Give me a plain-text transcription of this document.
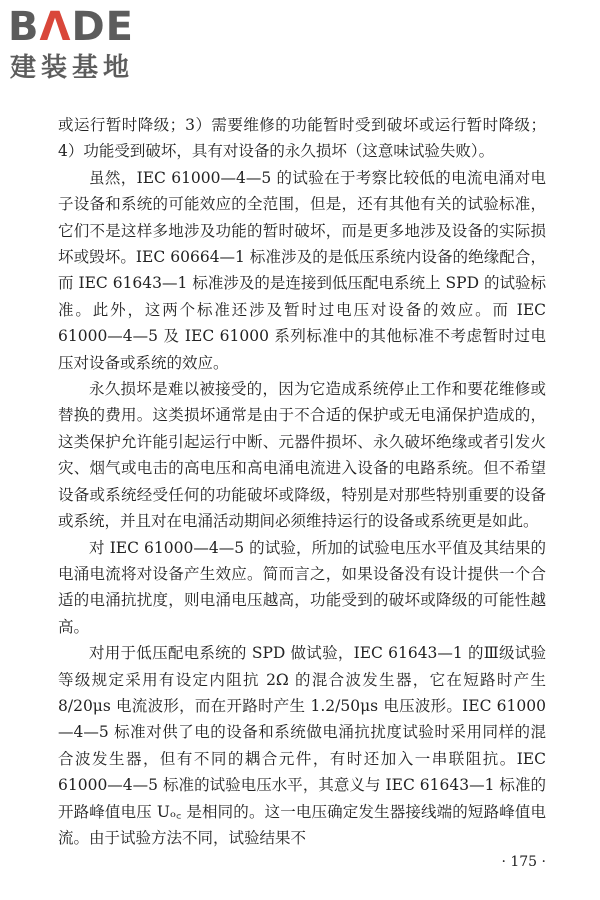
BΛDE
建装基地

或运行暂时降级；3）需要维修的功能暂时受到破坏或运行暂时降级；4）功能受到破坏，具有对设备的永久损坏（这意味试验失败）。

虽然，IEC 61000—4—5 的试验在于考察比较低的电流电涌对电子设备和系统的可能效应的全范围，但是，还有其他有关的试验标准，它们不是这样多地涉及功能的暂时破坏，而是更多地涉及设备的实际损坏或毁坏。IEC 60664—1 标准涉及的是低压系统内设备的绝缘配合，而 IEC 61643—1 标准涉及的是连接到低压配电系统上 SPD 的试验标准。此外，这两个标准还涉及暂时过电压对设备的效应。而 IEC 61000—4—5 及 IEC 61000 系列标准中的其他标准不考虑暂时过电压对设备或系统的效应。

永久损坏是难以被接受的，因为它造成系统停止工作和要花维修或替换的费用。这类损坏通常是由于不合适的保护或无电涌保护造成的，这类保护允许能引起运行中断、元器件损坏、永久破坏绝缘或者引发火灾、烟气或电击的高电压和高电涌电流进入设备的电路系统。但不希望设备或系统经受任何的功能破坏或降级，特别是对那些特别重要的设备或系统，并且对在电涌活动期间必须维持运行的设备或系统更是如此。

对 IEC 61000—4—5 的试验，所加的试验电压水平值及其结果的电涌电流将对设备产生效应。简而言之，如果设备没有设计提供一个合适的电涌抗扰度，则电涌电压越高，功能受到的破坏或降级的可能性越高。

对用于低压配电系统的 SPD 做试验，IEC 61643—1 的Ⅲ级试验等级规定采用有设定内阻抗 2Ω 的混合波发生器，它在短路时产生 8/20μs 电流波形，而在开路时产生 1.2/50μs 电压波形。IEC 61000—4—5 标准对供了电的设备和系统做电涌抗扰度试验时采用同样的混合波发生器，但有不同的耦合元件，有时还加入一串联阻抗。IEC 61000—4—5 标准的试验电压水平，其意义与 IEC 61643—1 标准的开路峰值电压 Uₒ꜀ 是相同的。这一电压确定发生器接线端的短路峰值电流。由于试验方法不同，试验结果不

· 175 ·
